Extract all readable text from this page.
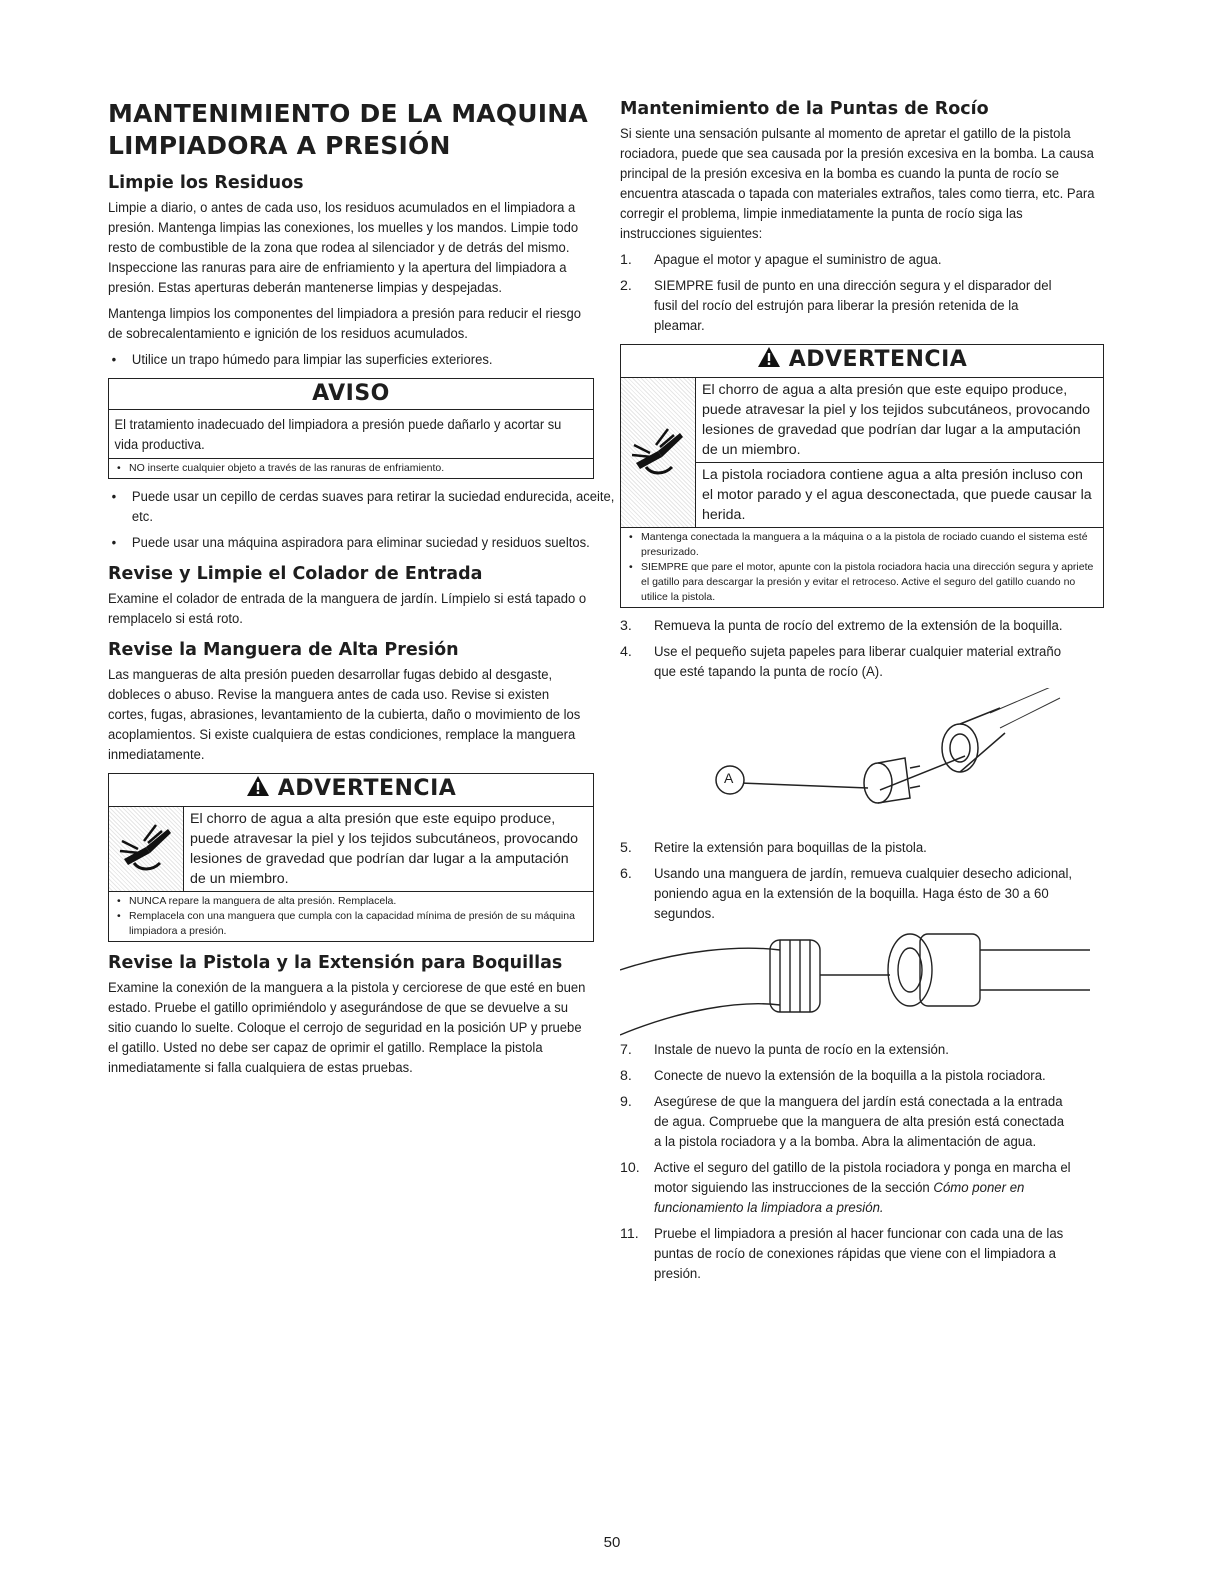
MANTENIMIENTO DE LA MAQUINA
LIMPIADORA A PRESIÓN
Limpie los Residuos

Limpie a diario, o antes de cada uso, los residuos acumulados en el limpiadora a presión. Mantenga limpias las conexiones, los muelles y los mandos. Limpie todo resto de combustible de la zona que rodea al silenciador y de detrás del mismo. Inspeccione las ranuras para aire de enfriamiento y la apertura del limpiadora a presión. Estas aperturas deberán mantenerse limpias y despejadas.

Mantenga limpios los componentes del limpiadora a presión para reducir el riesgo de sobrecalentamiento e ignición de los residuos acumulados.

• Utilice un trapo húmedo para limpiar las superficies exteriores.

AVISO
El tratamiento inadecuado del limpiadora a presión puede dañarlo y acortar su vida productiva.
• NO inserte cualquier objeto a través de las ranuras de enfriamiento.

• Puede usar un cepillo de cerdas suaves para retirar la suciedad endurecida, aceite, etc.

• Puede usar una máquina aspiradora para eliminar suciedad y residuos sueltos.

Revise y Limpie el Colador de Entrada

Examine el colador de entrada de la manguera de jardín. Límpielo si está tapado o remplacelo si está roto.

Revise la Manguera de Alta Presión

Las mangueras de alta presión pueden desarrollar fugas debido al desgaste, dobleces o abuso. Revise la manguera antes de cada uso. Revise si existen cortes, fugas, abrasiones, levantamiento de la cubierta, daño o movimiento de los acoplamientos. Si existe cualquiera de estas condiciones, remplace la manguera inmediatamente.

ADVERTENCIA
El chorro de agua a alta presión que este equipo produce, puede atravesar la piel y los tejidos subcutáneos, provocando lesiones de gravedad que podrían dar lugar a la amputación de un miembro.
• NUNCA repare la manguera de alta presión. Remplacela.
• Remplacela con una manguera que cumpla con la capacidad mínima de presión de su máquina limpiadora a presión.
Revise la Pistola y la Extensión para Boquillas

Examine la conexión de la manguera a la pistola y cerciorese de que esté en buen estado. Pruebe el gatillo oprimiéndolo y asegurándose de que se devuelve a su sitio cuando lo suelte. Coloque el cerrojo de seguridad en la posición UP y pruebe el gatillo. Usted no debe ser capaz de oprimir el gatillo. Remplace la pistola inmediatamente si falla cualquiera de estas pruebas.

Mantenimiento de la Puntas de Rocío

Si siente una sensación pulsante al momento de apretar el gatillo de la pistola rociadora, puede que sea causada por la presión excesiva en la bomba. La causa principal de la presión excesiva en la bomba es cuando la punta de rocío se encuentra atascada o tapada con materiales extraños, tales como tierra, etc. Para corregir el problema, limpie inmediatamente la punta de rocío siga las instrucciones siguientes:

1.	Apague el motor y apague el suministro de agua.
2.	SIEMPRE fusil de punto en una dirección segura y el disparador del fusil del rocío del estrujón para liberar la presión retenida de la pleamar.
ADVERTENCIA
El chorro de agua a alta presión que este equipo produce, puede atravesar la piel y los tejidos subcutáneos, provocando lesiones de gravedad que podrían dar lugar a la amputación de un miembro.
La pistola rociadora contiene agua a alta presión incluso con el motor parado y el agua desconectada, que puede causar la herida.
• Mantenga conectada la manguera a la máquina o a la pistola de rociado cuando el sistema esté presurizado.
• SIEMPRE que pare el motor, apunte con la pistola rociadora hacia una dirección segura y apriete el gatillo para descargar la presión y evitar el retroceso. Active el seguro del gatillo cuando no utilice la pistola.
3.	Remueva la punta de rocío del extremo de la extensión de la boquilla.
4.	Use el pequeño sujeta papeles para liberar cualquier material extraño que esté tapando la punta de rocío (A).
A
5.	Retire la extensión para boquillas de la pistola.
6.	Usando una manguera de jardín, remueva cualquier desecho adicional, poniendo agua en la extensión de la boquilla. Haga ésto de 30 a 60 segundos.
7.	Instale de nuevo la punta de rocío en la extensión.
8.	Conecte de nuevo la extensión de la boquilla a la pistola rociadora.
9.	Asegúrese de que la manguera del jardín está conectada a la entrada de agua. Compruebe que la manguera de alta presión está conectada a la pistola rociadora y a la bomba. Abra la alimentación de agua.
10.	Active el seguro del gatillo de la pistola rociadora y ponga en marcha el motor siguiendo las instrucciones de la sección Cómo poner en funcionamiento la limpiadora a presión.
11.	Pruebe el limpiadora a presión al hacer funcionar con cada una de las puntas de rocío de conexiones rápidas que viene con el limpiadora a presión.
50
